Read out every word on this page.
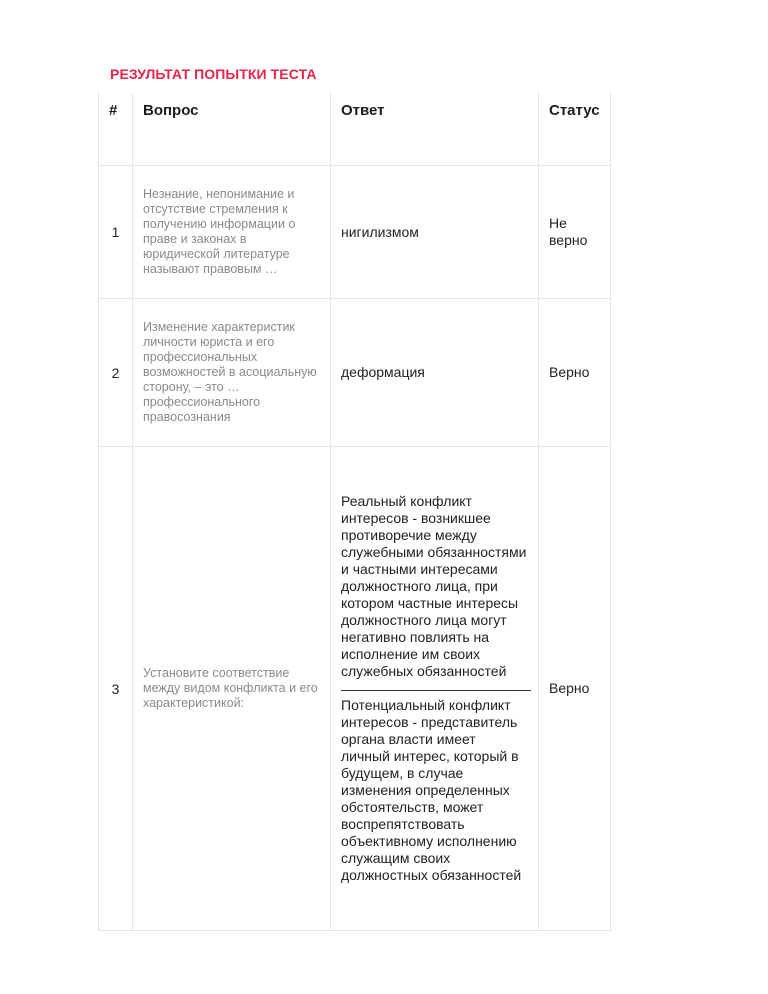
РЕЗУЛЬТАТ ПОПЫТКИ ТЕСТА
#	Вопрос	Ответ	Статус
1	Незнание, непонимание и отсутствие стремления к получению информации о праве и законах в юридической литературе называют правовым …	нигилизмом	Не верно
2	Изменение характеристик личности юриста и его профессиональных возможностей в асоциальную сторону, – это … профессионального правосознания	деформация	Верно
3	Установите соответствие между видом конфликта и его характеристикой:	Реальный конфликт интересов - возникшее противоречие между служебными обязанностями и частными интересами должностного лица, при котором частные интересы должностного лица могут негативно повлиять на исполнение им своих служебных обязанностей
Потенциальный конфликт интересов - представитель органа власти имеет личный интерес, который в будущем, в случае изменения определенных обстоятельств, может воспрепятствовать объективному исполнению служащим своих должностных обязанностей	Верно
